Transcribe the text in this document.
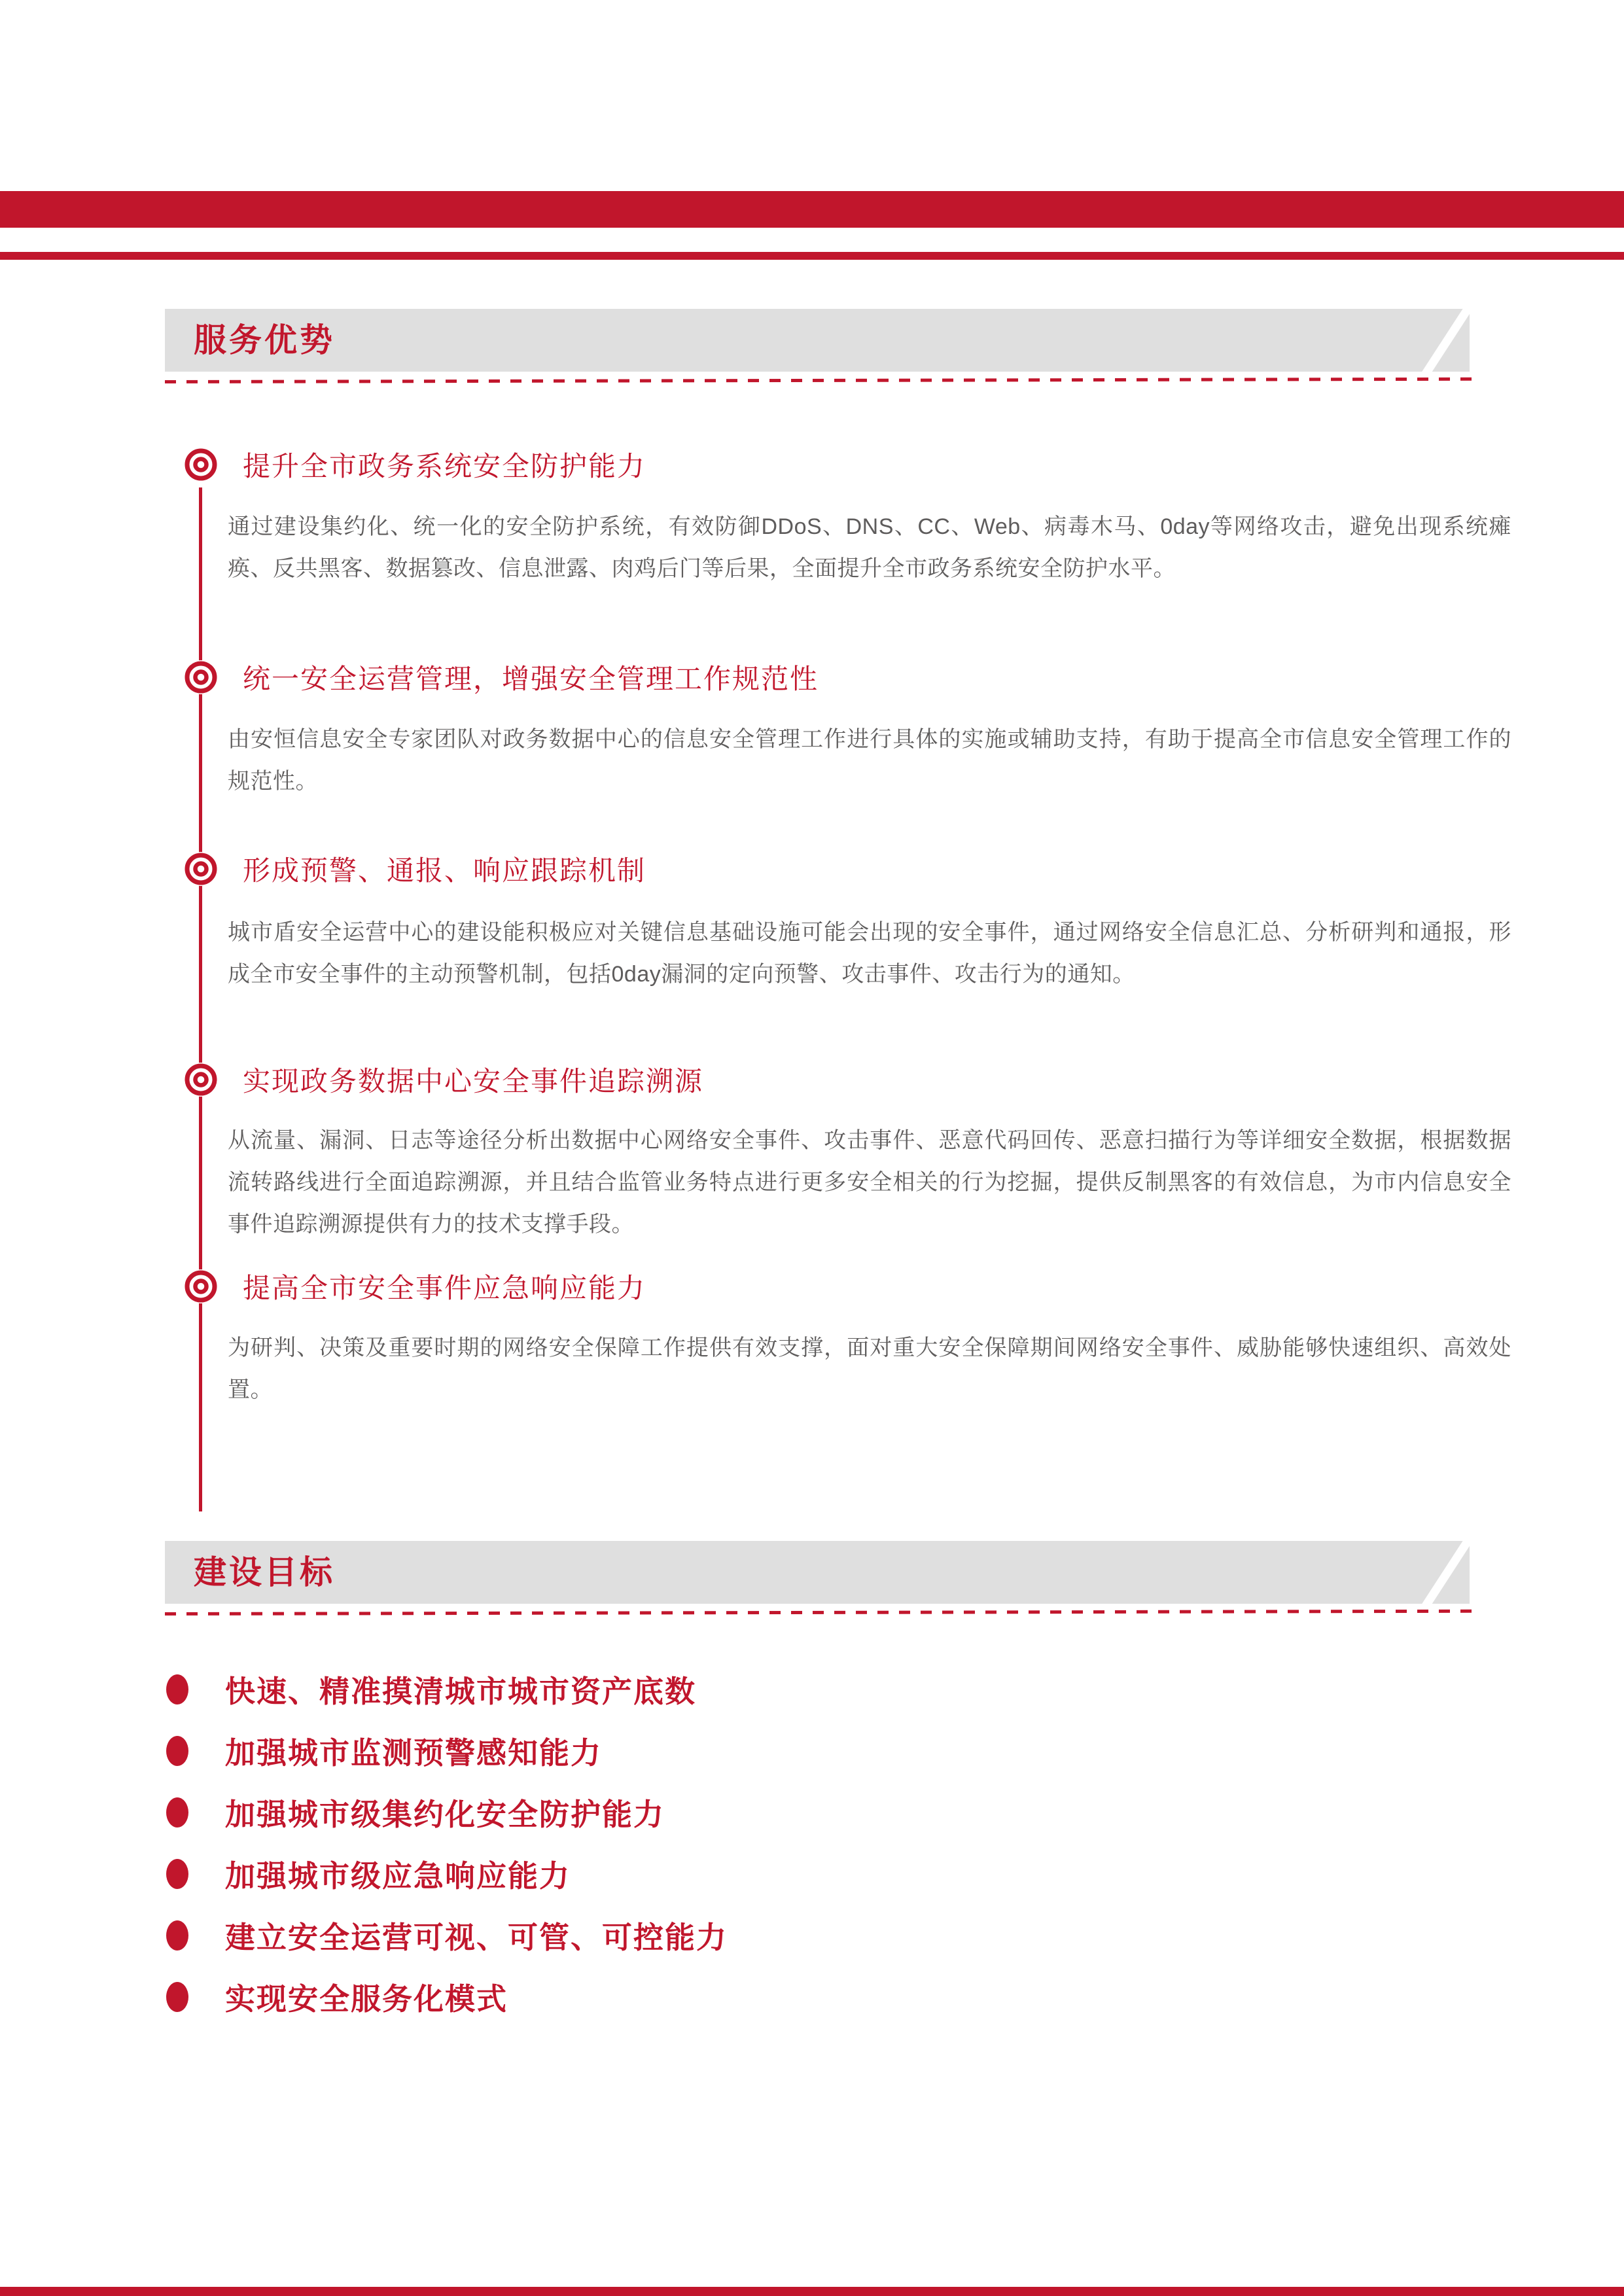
服务优势
提升全市政务系统安全防护能力

通过建设集约化、统一化的安全防护系统，有效防御DDoS、DNS、CC、Web、病毒木马、0day等网络攻击，避免出现系统瘫痪、反共黑客、数据篡改、信息泄露、肉鸡后门等后果，全面提升全市政务系统安全防护水平。

统一安全运营管理，增强安全管理工作规范性

由安恒信息安全专家团队对政务数据中心的信息安全管理工作进行具体的实施或辅助支持，有助于提高全市信息安全管理工作的规范性。

形成预警、通报、响应跟踪机制

城市盾安全运营中心的建设能积极应对关键信息基础设施可能会出现的安全事件，通过网络安全信息汇总、分析研判和通报，形成全市安全事件的主动预警机制，包括0day漏洞的定向预警、攻击事件、攻击行为的通知。

实现政务数据中心安全事件追踪溯源

从流量、漏洞、日志等途径分析出数据中心网络安全事件、攻击事件、恶意代码回传、恶意扫描行为等详细安全数据，根据数据流转路线进行全面追踪溯源，并且结合监管业务特点进行更多安全相关的行为挖掘，提供反制黑客的有效信息，为市内信息安全事件追踪溯源提供有力的技术支撑手段。

提高全市安全事件应急响应能力

为研判、决策及重要时期的网络安全保障工作提供有效支撑，面对重大安全保障期间网络安全事件、威胁能够快速组织、高效处置。

建设目标
快速、精准摸清城市城市资产底数
加强城市监测预警感知能力
加强城市级集约化安全防护能力
加强城市级应急响应能力
建立安全运营可视、可管、可控能力
实现安全服务化模式
